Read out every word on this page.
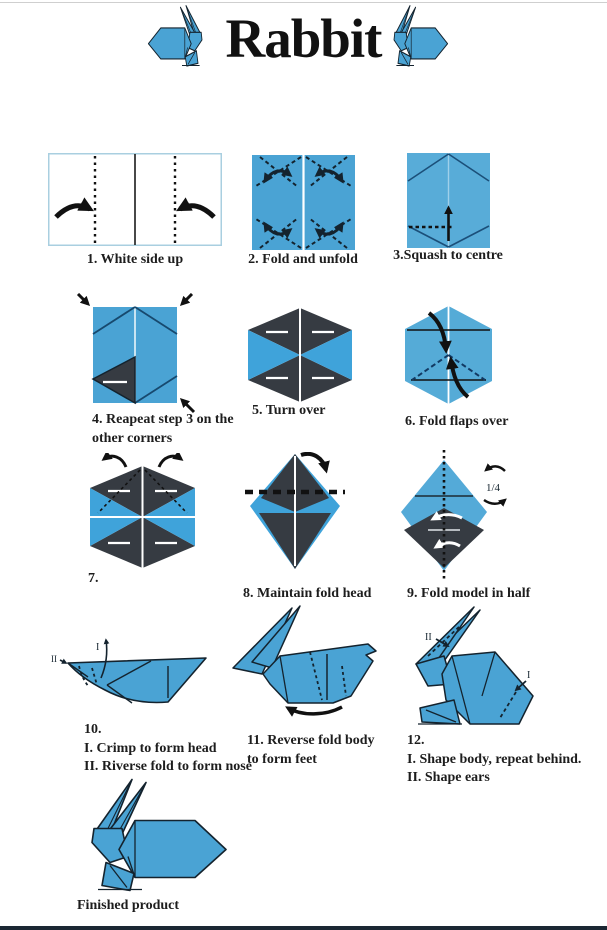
Rabbit
1. White side up	2. Fold and unfold	3.Squash to centre
4. Reapeat step 3 on the
other corners
5. Turn over
6. Fold flaps over
7.
8. Maintain fold head
1/4
9. Fold model in half
II
I
10.
I. Crimp to form head
II. Riverse fold to form nose
11. Reverse fold body
to form feet
II
I
12.
I. Shape body, repeat behind.
II. Shape ears
Finished product
